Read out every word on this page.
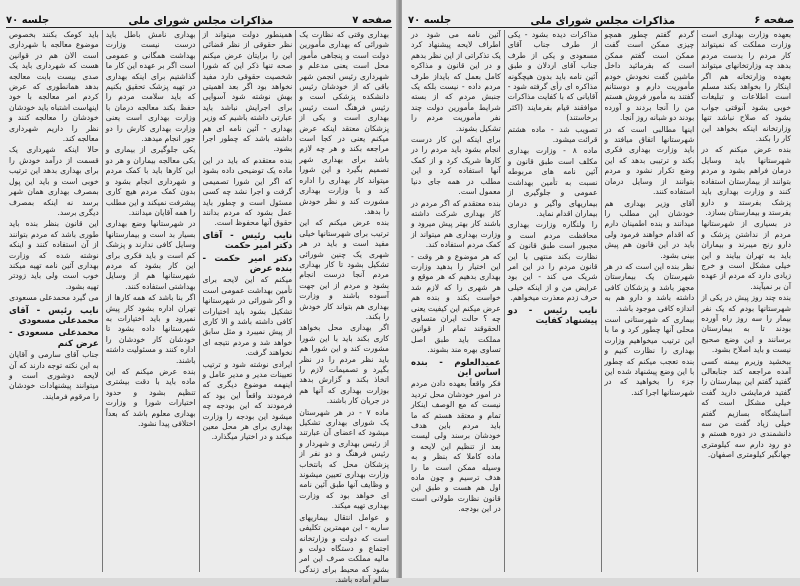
صفحه ۷
مذاکرات مجلس شورای ملی
جلسه ۷۰

بهداری وقتی که نظارت یک شورائی که بهداری مأمورین دولت است و پنجاهی مأمور محل است یعنی مدعلم و شهرداری رئیس انجمن شهر باقی که از خودشان رئیس دانشکده پزشکی است و رئیس فرهنگ است رئیس بهداری است و یکی از پزشکان معتقد اینکه عرض میکنم یعنی در کجا است مراجعه بکند و هر چه لازم باشد برای بهداری شهر تصمیم بگیرد و این شورا میتواند کار بهداری را اداره کند و با وزارت بهداری مشورت کند و نظر خودش را بدهد.

بنده عرض میکنم که این ترتیب برای شهرستانها خیلی مفید است و باید در هر شهری یک چنین شورائی تشکیل بشود تا کار بهداری مردم آنجا درست انجام بشود و مردم از این جهت آسوده باشند و وزارت بهداری هم بتواند کار خودش را بکند.

اگر بهداری محل بخواهد کاری بکند باید با این شورا مشورت کند و این شورا هم باید نظر مردم را در نظر بگیرد و تصمیمات لازم را اتخاذ بکند و گزارش بدهد بوزارت بهداری که آنها هم در جریان کار باشند.

ماده ۷ - در هر شهرستان یک شورای بهداری تشکیل میشود که اعضای آن عبارتند از رئیس بهداری و شهردار و رئیس فرهنگ و دو نفر از پزشکان محل که بانتخاب وزارت بهداری تعیین میشوند و وظایف آنها طبق آئین نامه ای خواهد بود که وزارت بهداری تهیه میکند.

و عوامل انتقال بیماریهای ساریه - این مهمترین تکلیفی است که دولت و وزارتخانه اجتماع و دستگاه دولت و مالیه مملکت صرف این امر بشود که محیط برای زندگی سالم آماده باشد.

همینطور دولت میتواند از نظر حقوقی از نظر قضائی این را برایتان عرض میکنم صحه تنها ذکر این که شورا شخصیت حقوقی دارد مفید نخواهد بود اگر بعد اهمیتی بهش نوشته شود آسوایی برای اجرایش نباشد باید عبارتی داشته باشیم که وزیر بهداری - آئین نامه ای هم داشته باشد که چطور اجرا بشود.

بنده معتقدم که باید در این ماده یک توضیحی داده بشود که اگر این شورا تصمیمی گرفت و اجرا نشد چه کسی مسئول است و چطور باید عمل بشود که مردم بدانند حقوق آنها محفوظ است.

نایب رئیس - آقای دکتر امیر حکمت

دکتر امیر حکمت - بنده عرض

میکنم که این لایحه برای تأمین بهداشت عمومی است و اگر شورائی در شهرستانها تشکیل بشود باید اختیارات کافی داشته باشد و الا کاری از پیش نمیبرد و مثل سابق خواهد شد و مردم نتیجه ای نخواهند گرفت.

ایرادی نوشته شود و ترتیب تعیینات مدیر و مدیر عامل و اینهمه موضوع دیگری که فرمودند واقعاً این بود که فرمودند که این بودجه چه میشود این بودجه را وزارت بهداری برای هر محل معین میکند و در اختیار میگذارد.

بهداری نامش باطل باید درست نیست وزارت بهداشت همگانی و عمومی است اگر بر عهده این کار ما گذاشتیم برای اینکه بهداری در تهیه پزشک تحقیق بکنیم که باید سلامت مردم را حفظ بکند معالجه درمان با وزارت بهداری است یعنی وزارت بهداری کارش را دو جور انجام میدهد.

یکی جلوگیری از بیماری و یکی معالجه بیماران و هر دو این کارها باید با کمک مردم و شهرداری انجام بشود و بدون کمک مردم هیچ کاری پیشرفت نمیکند و این مطلب را همه آقایان میدانند.

در شهرستانها وضع بهداری بسیار بد است و بیمارستانها وسایل کافی ندارند و پزشک کم است و باید فکری برای این کار بشود که مردم شهرستانها هم از وسایل بهداشتی استفاده کنند.

اگر بنا باشد که همه کارها از تهران اداره بشود کار پیش نمیرود و باید اختیارات به شهرستانها داده بشود تا خودشان کار خودشان را اداره کنند و مسئولیت داشته باشند.

بنده عرض میکنم که این ماده باید با دقت بیشتری تنظیم بشود و حدود اختیارات شورا و وزارت بهداری معلوم باشد که بعداً اختلافی پیدا نشود.

باید کومک بکنند بخصوص موضوع معالجه با شهرداری است الان هم در قوانین هست که شهرداری باید یک صدی بیست بابت معالجه بدهد همانطوری که عرض کردم امر معالجه با خود اینهاست اشتباه باید خودشان خودشان را معالجه کنند و نظر را داریم شهرداری معالجه کند.

حالا اینکه شهرداری یک قسمت از درآمد خودش را برای بهداری بدهد این ترتیب خوبی است و باید این پول بمصرف بهداری همان شهر برسد نه اینکه بمصرف دیگری برسد.

این قانون بنظر بنده باید طوری باشد که مردم بتوانند از آن استفاده کنند و اینکه نوشته شده که وزارت بهداری آئین نامه تهیه میکند خوب است ولی باید زودتر تهیه بشود.

می گیرد محمدعلی مسعودی

نایب رئیس - آقای محمدعلی مسعودی

محمدعلی مسعودی - عرض کنم

جناب آقای سارمی و آقایان به این نکته توجه دارند که آن لایحه دوشوری است و میتوانند پیشنهادات خودشان را مرقوم فرمایند.

صفحه ۶
مذاکرات مجلس شورای ملی
جلسه ۷۰

بعهده وزارت بهداری است وزارت مملکت که نمیتواند کار مردم را بدست مردم بدهد چه وزارتخانهای میتواند بعهده وزارتخانه هم اگر اینکار را بخواهد بکند مسلم است اطلاعات و تبلیغات خوبی بشود آنوقتی جواب بشود که صلاح نباشد تنها وزارتخانه اینکه بخواهد این کار را بکند.

بنده عرض میکنم که در شهرستانها باید وسایل درمان فراهم بشود و مردم بتوانند از بیمارستان استفاده کنند و وزارت بهداری باید پزشک بفرستد و دارو بفرستد و بیمارستان بسازد.

در بسیاری از شهرستانها مردم از نداشتن پزشک و دارو رنج میبرند و بیماران باید به تهران بیایند و این خیلی مشکل است و خرج زیادی دارد که مردم از عهده آن بر نمیآیند.

بنده چند روز پیش در یکی از شهرستانها بودم که یک نفر بیمار را سه روز راه آورده بودند تا به بیمارستان برسانند و این وضع صحیح نیست و باید اصلاح بشود.

ببخشید وزیرم بیمنه کسی آمده مراجعه کند جنابعالی گفتید گفتم این بیمارستان را گفتید فرمایشی دارید گفت خیلی مشکل است که آسایشگاه بسازیم گفتم خیلی زیاد گفت من سه دانشمندی در دوره هستم و دو رود دارم سه کیلومتری جهانگیر کیلومتری اصفهان.

گردم گفتم چطور همچو چیزی ممکن است گفت ممکن است گفتم ممکن است که بفرمائید داخل ماشین گفت نخودش خودم مأموریت دارم و دوستانم گفتند به مأمور فروش هستم من را آنجا بردند و آورده بودند دو شبانه روز آنجا.

اینها مطالبی است که در شهرستانها اتفاق میافتد و باید وزارت بهداری فکری بکند و ترتیبی بدهد که این وضع تکرار نشود و مردم بتوانند از وسایل درمان استفاده کنند.

آقای وزیر بهداری هم خودشان این مطلب را میدانند و بنده اطمینان دارم که اقدام خواهند فرمود ولی باید در این قانون هم پیش بینی بشود.

نظر بنده این است که در هر شهرستان یک بیمارستان مجهز باشد و پزشکان کافی داشته باشد و دارو هم به اندازه کافی موجود باشد.

بیماری که شهرستانی است محلی آنها چطور کرد و ما با این ترتیب میخواهیم وزارت بهداری را نظارت کنیم و بنده تعجب میکنم که چطور با این وضع پیشنهاد شده این جزء را بخواهید که در شهرستانها اجرا کند.

مذاکرات دیده بشود - یکی از طرف جناب آقای مسعودی و یکی از طرف جناب آقای اردلان و طبق آئین نامه باید بدون هیچگونه مذاکره ای رأی گرفته شود - آقایانی که با کفایت مذاکرات موافقند قیام بفرمایند (اکثر برخاستند)

تصویب شد - ماده هشتم قرائت میشود.

ماده ۸ - وزارت بهداری مکلف است طبق قانون و آئین نامه های مربوطه نسبت به تأمین بهداشت عمومی و جلوگیری از بیماریهای واگیر و درمان بیماران اقدام نماید.

را ولنگاره وزارت بهداری محافظت مردم است و مجبور است طبق قانون که نظارت بکند منتهی با این قانون مردم را در این امر شریک می کند - این بود عرایض من و از اینکه خیلی حرف زدم معذرت میخواهم.

نایب رئیس - دو پیشنهاد کفایت

آئین نامه می شود در اطراف لایحه پیشنهاد کرد یک تذکراتی از این نظر بدهم و در این قانون و مذاکره کامل بعمل که بایداز طرف مردم داده - نیست بلکه یک جنبش مردم که از بسته شرایط مأمورین دولت چند نفر مأموریت مردم را تشکیل بشوند.

برای اینکه این کار درست انجام بشود باید مردم را در کارها شریک کرد و از کمک آنها استفاده کرد و این مطلب در همه جای دنیا معمول است.

بنده معتقدم که اگر مردم در کار بهداری شرکت داشته باشند کار بهتر پیش میرود و وزارت بهداری هم میتواند از کمک مردم استفاده کند.

که هر موضوع و هر وقت - این اختیار را بدهید وزارت بهداری بدهیم که هر موقع و هر شهری را که لازم شد خواست بکند و بنده هم عرض میکنم این کیفیت یعنی چه ؟ حالت ایران متساوی الحقوقند تمام از قوانین مملکت باید طبق اصل تساوی بهره مند بشوند.

عمیدالعلوم - بنده اساس این

فکر واقعاً بعهده دادن مردم در امور خودشان محل تردید نیست که مع الوصف اینکار تمام و معتقد هستم که ما باید مردم باین هدف خودشان برسند ولی لیست بعد از تنظیم این لایحه و ماده کاملا که بنظر و به وسیله ممکن است ما را هدف ترسیم و چون ماده اول هم هست و طبق این قانون نظارت طولانی است در این بودجه.
